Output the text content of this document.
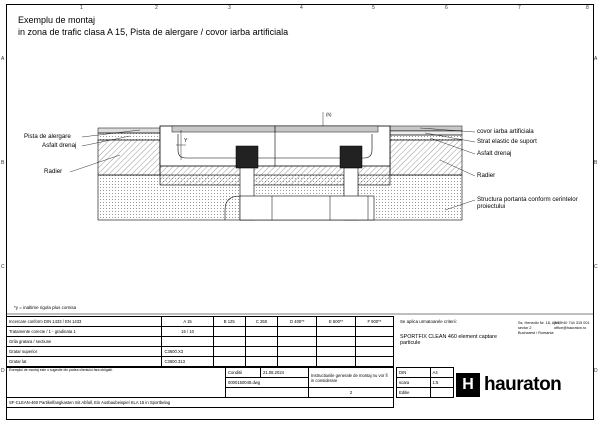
1	2	3	4	5	6	7	8
A
B
C
D
A
B
C
D
Exemplu de montaj
in zona de trafic clasa A 15, Pista de alergare / covor iarba artificiala
Pista de alergare
Asfalt drenaj
Radier
covor iarba artificiala
Strat elastic de suport
Asfalt drenaj
Radier
Structura portanta conform cerintelor proiectului
Y
(h)
*y = inaltime rigola plus cornisa
Incercare conform DIN 1433 / EN 1433	A 15	B 125	C 250	D 400**	E 600**	F 900**
Tratamente corecte / 1 - gradinata 1	15 / 10					
Grila gratara / sectiune						
Gratar superior	C3600.X3					
Gratar lat	C3600.313					
Exemplul de montaj este o sugestie din partea clientului fara obligatii.	Conditii	21.08.2024	Instructiunile generale de montaj nu vor fi in considerare
	0000150048.dwg		
			2
SF-CLEAN-460 Partikelfangkasten mit Abfall, Ein Ausbaubeispiel KLA 15 in Sportbelag			
Se aplica urmatoarele criterii:
SPORTFIX CLEAN 460 element captare particule
DIN	A4
scara	1:5
Editie		H hauraton
Ss. Henedin Nr. 18, Ap 55
sector 2
Bucharest / Romania
Tel. +40 744 315 001
office@hauraton.ro
